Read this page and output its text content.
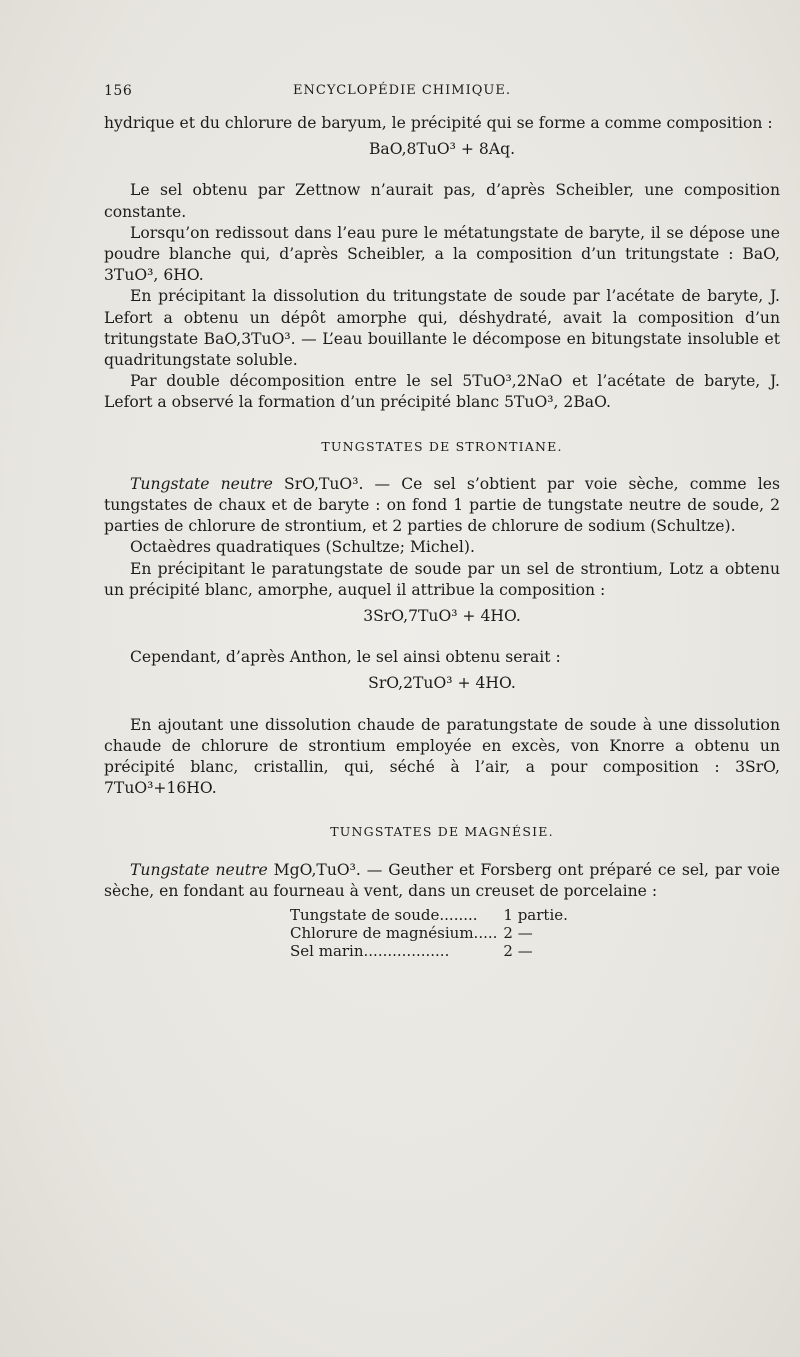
156	ENCYCLOPÉDIE CHIMIQUE.

hydrique et du chlorure de baryum, le précipité qui se forme a comme composition :

BaO,8TuO³ + 8Aq.

Le sel obtenu par Zettnow n’aurait pas, d’après Scheibler, une composition constante.

Lorsqu’on redissout dans l’eau pure le métatungstate de baryte, il se dépose une poudre blanche qui, d’après Scheibler, a la composition d’un tritungstate : BaO, 3TuO³, 6HO.

En précipitant la dissolution du tritungstate de soude par l’acétate de baryte, J. Lefort a obtenu un dépôt amorphe qui, déshydraté, avait la composition d’un tritungstate BaO,3TuO³. — L’eau bouillante le décompose en bitungstate insoluble et quadritungstate soluble.

Par double décomposition entre le sel 5TuO³,2NaO et l’acétate de baryte, J. Lefort a observé la formation d’un précipité blanc 5TuO³, 2BaO.

TUNGSTATES DE STRONTIANE.

Tungstate neutre SrO,TuO³. — Ce sel s’obtient par voie sèche, comme les tungstates de chaux et de baryte : on fond 1 partie de tungstate neutre de soude, 2 parties de chlorure de strontium, et 2 parties de chlorure de sodium (Schultze).

Octaèdres quadratiques (Schultze; Michel).

En précipitant le paratungstate de soude par un sel de strontium, Lotz a obtenu un précipité blanc, amorphe, auquel il attribue la composition :

3SrO,7TuO³ + 4HO.

Cependant, d’après Anthon, le sel ainsi obtenu serait :

SrO,2TuO³ + 4HO.

En ajoutant une dissolution chaude de paratungstate de soude à une dissolution chaude de chlorure de strontium employée en excès, von Knorre a obtenu un précipité blanc, cristallin, qui, séché à l’air, a pour composition : 3SrO, 7TuO³+16HO.

TUNGSTATES DE MAGNÉSIE.

Tungstate neutre MgO,TuO³. — Geuther et Forsberg ont préparé ce sel, par voie sèche, en fondant au fourneau à vent, dans un creuset de porcelaine :

Tungstate de soude........	1 partie.
Chlorure de magnésium.....	2 —
Sel marin..................	2 —
